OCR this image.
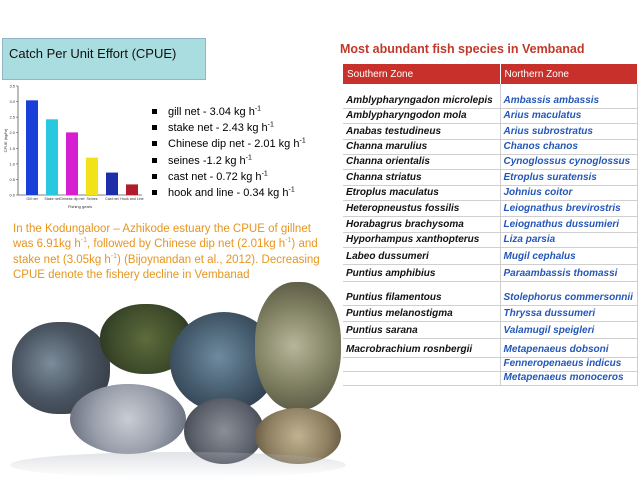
Catch Per Unit Effort (CPUE)
0.0
0.5
1.0
1.5
2.0
2.5
3.0
3.5
CPUE (kg/hr)
Gill net Stake net Chinese dip net Seines Cast net Hook and Line
Fishing gears
gill net - 3.04 kg $h^{-1}$
stake net - 2.43 kg $h^{-1}$
Chinese dip net - 2.01 kg $h^{-1}$
seines -1.2 kg $h^{-1}$
cast net - 0.72 kg $h^{-1}$
hook and line - 0.34 kg $h^{-1}$
In the Kodungaloor – Azhikode estuary the CPUE of gillnet was 6.91kg $h^{-1}$, followed by Chinese dip net (2.01kg $h^{-1}$) and stake net (3.05kg $h^{-1}$) (Bijoynandan et al., 2012). Decreasing CPUE denote the fishery decline in Vembanad
Most abundant fish species in Vembanad
Southern Zone	Northern Zone
Amblypharyngadon microlepis	Ambassis ambassis
Amblypharyngodon mola	Arius maculatus
Anabas testudineus	Arius subrostratus
Channa marulius	Chanos chanos
Channa orientalis	Cynoglossus cynoglossus
Channa striatus	Etroplus suratensis
Etroplus maculatus	Johnius coitor
Heteropneustus fossilis	Leiognathus brevirostris
Horabagrus brachysoma	Leiognathus dussumieri
Hyporhampus xanthopterus	Liza parsia
Labeo dussumeri	Mugil cephalus
Puntius amphibius	Paraambassis thomassi
Puntius filamentous	Stolephorus commersonnii
Puntius melanostigma	Thryssa dussumeri
Puntius sarana	Valamugil speigleri
Macrobrachium rosnbergii	Metapenaeus dobsoni
	Fenneropenaeus indicus
	Metapenaeus monoceros
